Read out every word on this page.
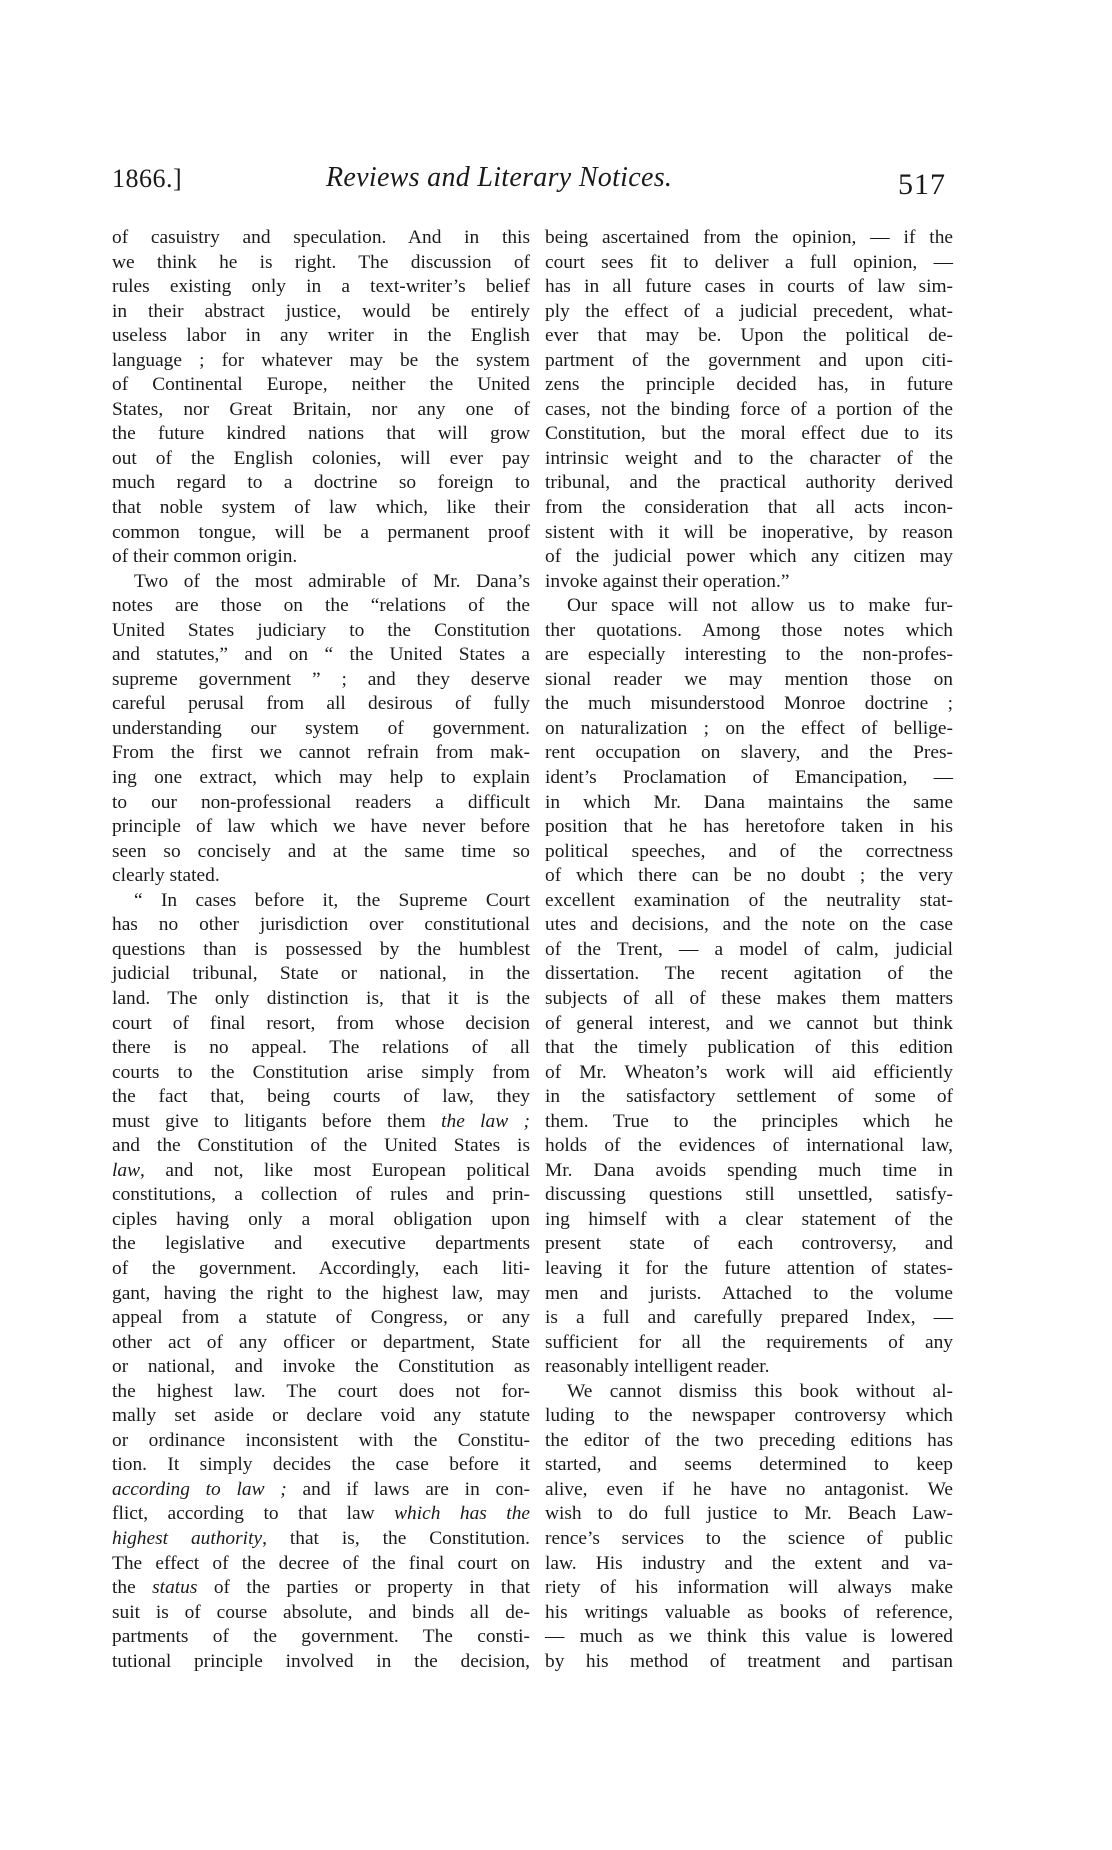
1866.]	Reviews and Literary Notices.	517
of casuistry and speculation. And in this
we think he is right. The discussion of
rules existing only in a text-writer’s belief
in their abstract justice, would be entirely
useless labor in any writer in the English
language ; for whatever may be the system
of Continental Europe, neither the United
States, nor Great Britain, nor any one of
the future kindred nations that will grow
out of the English colonies, will ever pay
much regard to a doctrine so foreign to
that noble system of law which, like their
common tongue, will be a permanent proof
of their common origin.
Two of the most admirable of Mr. Dana’s
notes are those on the “relations of the
United States judiciary to the Constitution
and statutes,” and on “ the United States a
supreme government ” ; and they deserve
careful perusal from all desirous of fully
understanding our system of government.
From the first we cannot refrain from mak-
ing one extract, which may help to explain
to our non-professional readers a difficult
principle of law which we have never before
seen so concisely and at the same time so
clearly stated.
“ In cases before it, the Supreme Court
has no other jurisdiction over constitutional
questions than is possessed by the humblest
judicial tribunal, State or national, in the
land. The only distinction is, that it is the
court of final resort, from whose decision
there is no appeal. The relations of all
courts to the Constitution arise simply from
the fact that, being courts of law, they
must give to litigants before them the law ;
and the Constitution of the United States is
law, and not, like most European political
constitutions, a collection of rules and prin-
ciples having only a moral obligation upon
the legislative and executive departments
of the government. Accordingly, each liti-
gant, having the right to the highest law, may
appeal from a statute of Congress, or any
other act of any officer or department, State
or national, and invoke the Constitution as
the highest law. The court does not for-
mally set aside or declare void any statute
or ordinance inconsistent with the Constitu-
tion. It simply decides the case before it
according to law ; and if laws are in con-
flict, according to that law which has the
highest authority, that is, the Constitution.
The effect of the decree of the final court on
the status of the parties or property in that
suit is of course absolute, and binds all de-
partments of the government. The consti-
tutional principle involved in the decision,
being ascertained from the opinion, — if the
court sees fit to deliver a full opinion, —
has in all future cases in courts of law sim-
ply the effect of a judicial precedent, what-
ever that may be. Upon the political de-
partment of the government and upon citi-
zens the principle decided has, in future
cases, not the binding force of a portion of the
Constitution, but the moral effect due to its
intrinsic weight and to the character of the
tribunal, and the practical authority derived
from the consideration that all acts incon-
sistent with it will be inoperative, by reason
of the judicial power which any citizen may
invoke against their operation.”
Our space will not allow us to make fur-
ther quotations. Among those notes which
are especially interesting to the non-profes-
sional reader we may mention those on
the much misunderstood Monroe doctrine ;
on naturalization ; on the effect of bellige-
rent occupation on slavery, and the Pres-
ident’s Proclamation of Emancipation, —
in which Mr. Dana maintains the same
position that he has heretofore taken in his
political speeches, and of the correctness
of which there can be no doubt ; the very
excellent examination of the neutrality stat-
utes and decisions, and the note on the case
of the Trent, — a model of calm, judicial
dissertation. The recent agitation of the
subjects of all of these makes them matters
of general interest, and we cannot but think
that the timely publication of this edition
of Mr. Wheaton’s work will aid efficiently
in the satisfactory settlement of some of
them. True to the principles which he
holds of the evidences of international law,
Mr. Dana avoids spending much time in
discussing questions still unsettled, satisfy-
ing himself with a clear statement of the
present state of each controversy, and
leaving it for the future attention of states-
men and jurists. Attached to the volume
is a full and carefully prepared Index, —
sufficient for all the requirements of any
reasonably intelligent reader.
We cannot dismiss this book without al-
luding to the newspaper controversy which
the editor of the two preceding editions has
started, and seems determined to keep
alive, even if he have no antagonist. We
wish to do full justice to Mr. Beach Law-
rence’s services to the science of public
law. His industry and the extent and va-
riety of his information will always make
his writings valuable as books of reference,
— much as we think this value is lowered
by his method of treatment and partisan
